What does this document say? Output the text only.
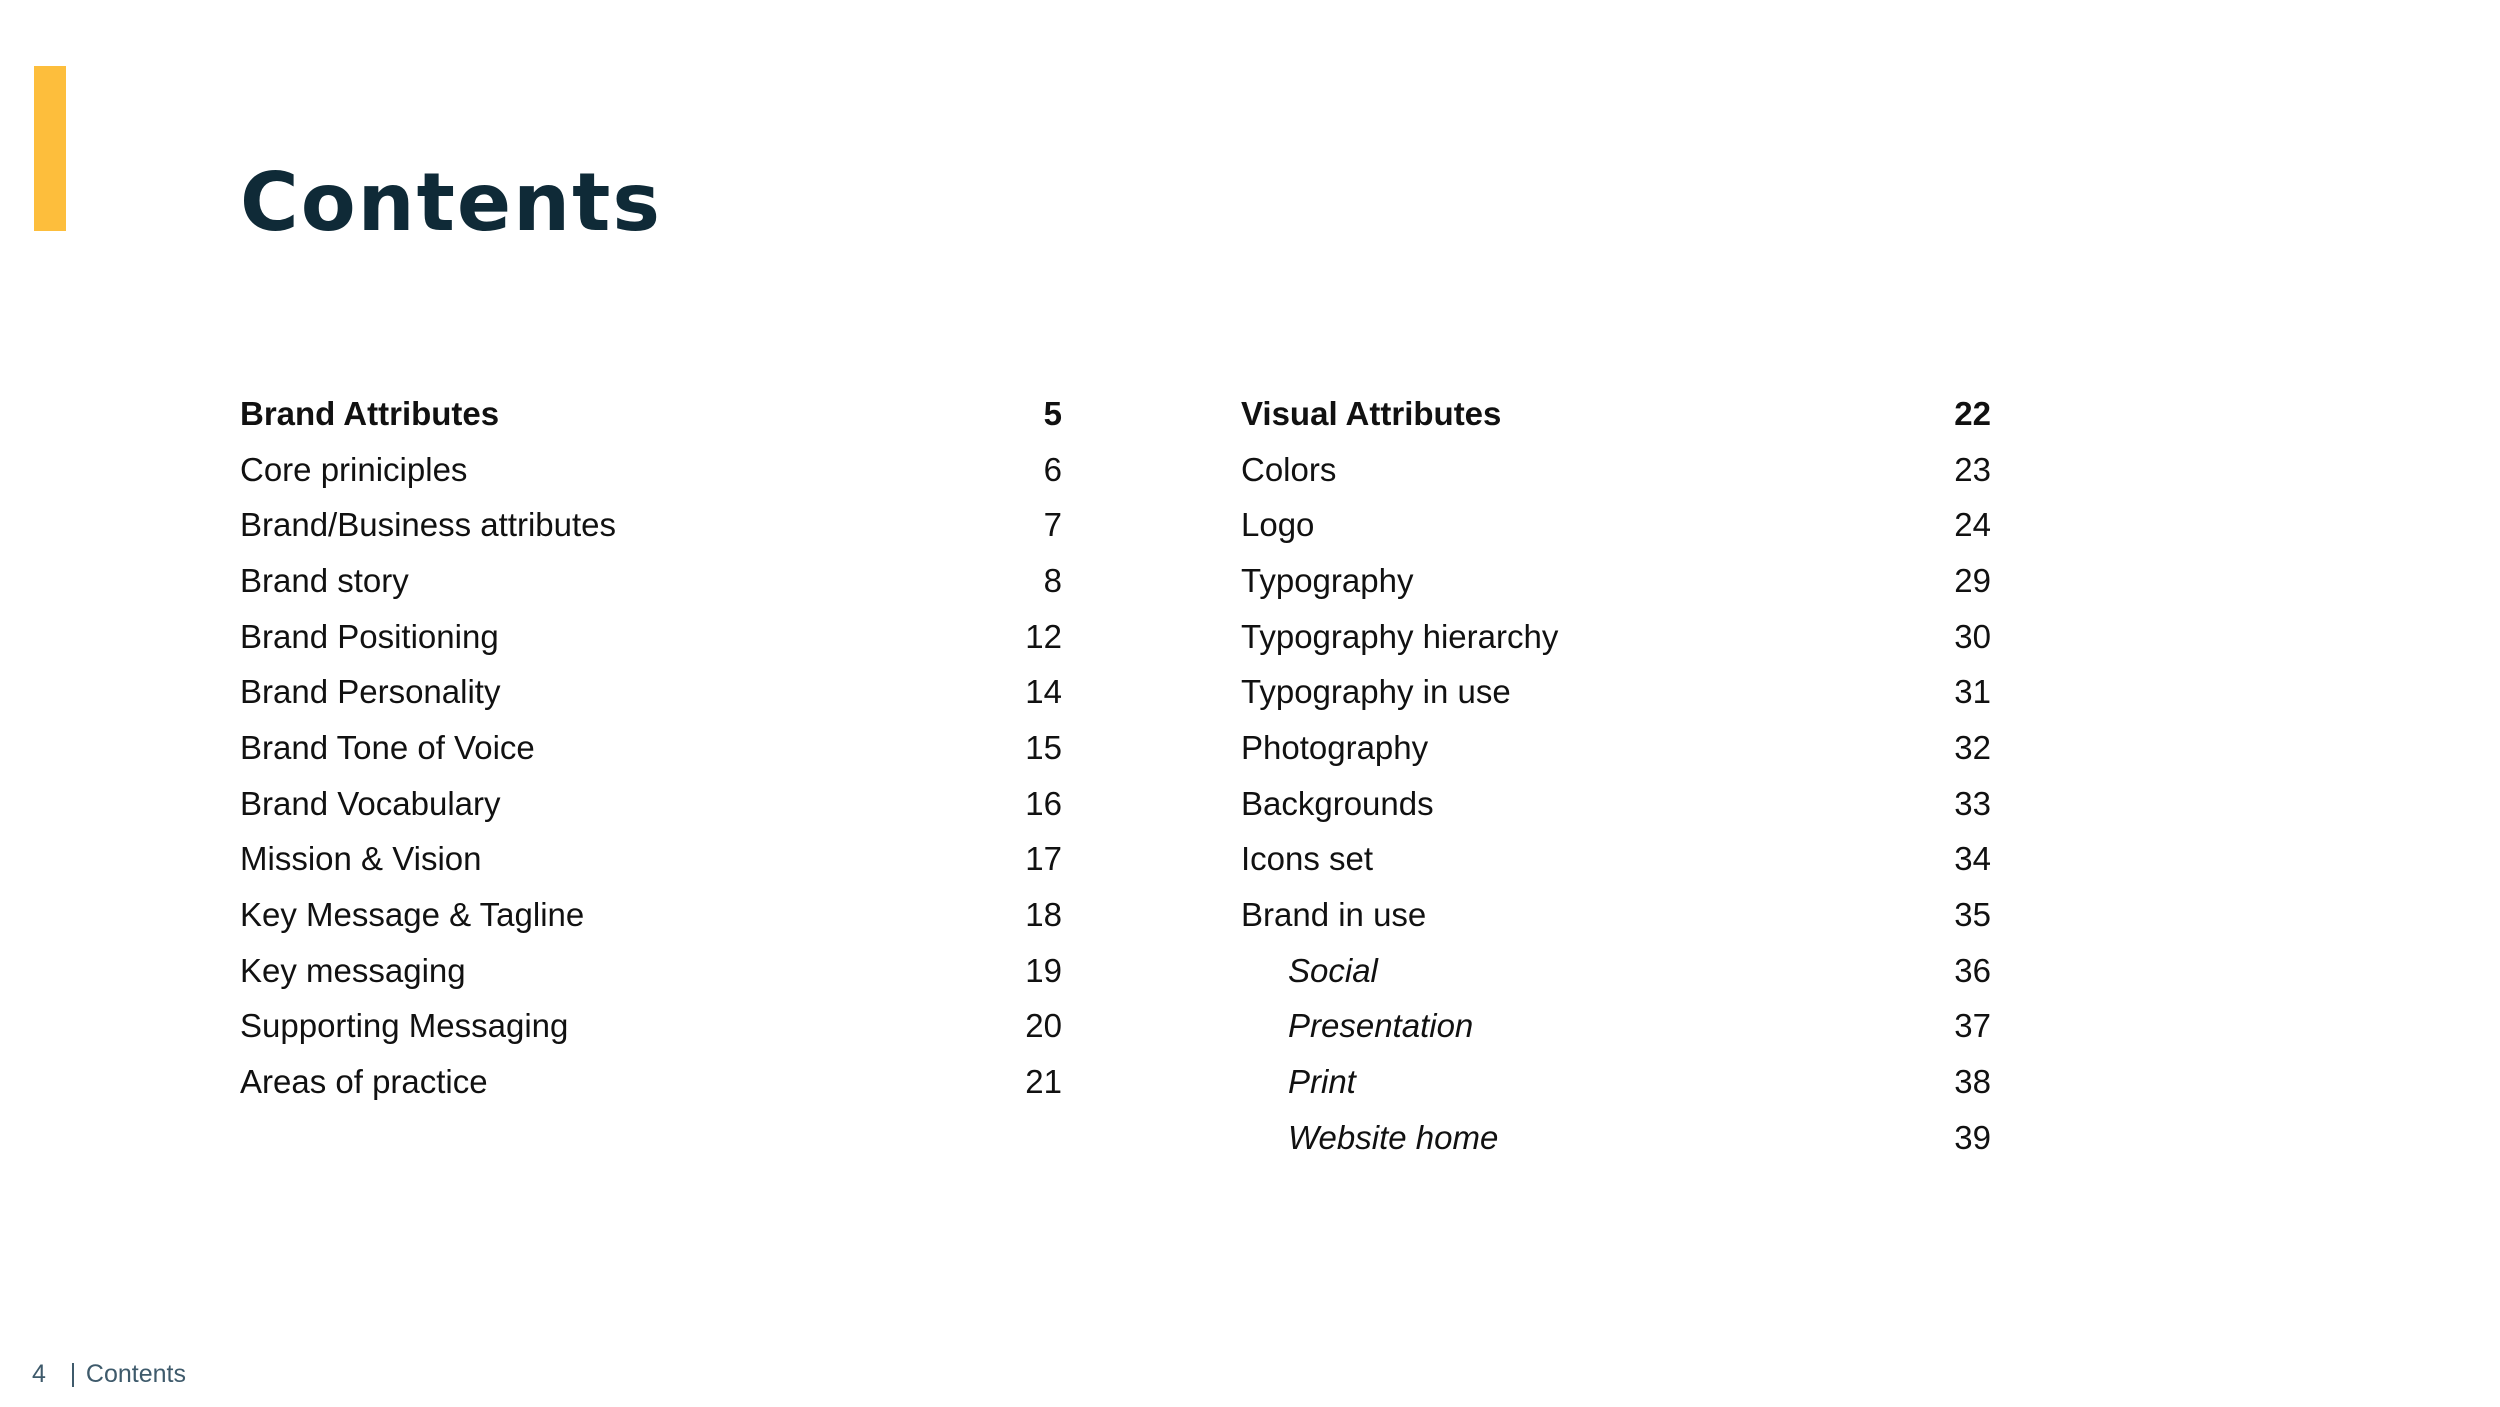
Contents
Brand Attributes	5
Core priniciples	6
Brand/Business attributes	7
Brand story	8
Brand Positioning	12
Brand Personality	14
Brand Tone of Voice	15
Brand Vocabulary	16
Mission & Vision	17
Key Message & Tagline	18
Key messaging	19
Supporting Messaging	20
Areas of practice	21
Visual Attributes	22
Colors	23
Logo	24
Typography	29
Typography hierarchy	30
Typography in use	31
Photography	32
Backgrounds	33
Icons set	34
Brand in use	35
Social	36
Presentation	37
Print	38
Website home	39
4 Contents
